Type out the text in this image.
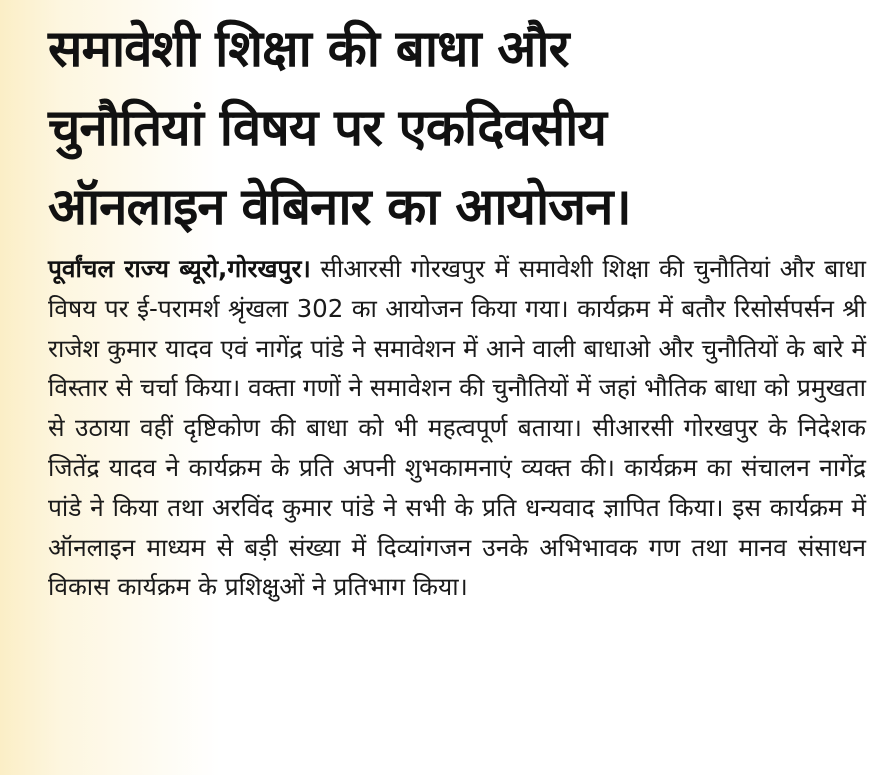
समावेशी शिक्षा की बाधा और
चुनौतियां विषय पर एकदिवसीय
ऑनलाइन वेबिनार का आयोजन।

पूर्वांचल राज्य ब्यूरो,गोरखपुर। सीआरसी गोरखपुर में समावेशी शिक्षा की चुनौतियां और बाधा विषय पर ई-परामर्श श्रृंखला 302 का आयोजन किया गया। कार्यक्रम में बतौर रिसोर्सपर्सन श्री राजेश कुमार यादव एवं नागेंद्र पांडे ने समावेशन में आने वाली बाधाओ और चुनौतियों के बारे में विस्तार से चर्चा किया। वक्ता गणों ने समावेशन की चुनौतियों में जहां भौतिक बाधा को प्रमुखता से उठाया वहीं दृष्टिकोण की बाधा को भी महत्वपूर्ण बताया। सीआरसी गोरखपुर के निदेशक जितेंद्र यादव ने कार्यक्रम के प्रति अपनी शुभकामनाएं व्यक्त की। कार्यक्रम का संचालन नागेंद्र पांडे ने किया तथा अरविंद कुमार पांडे ने सभी के प्रति धन्यवाद ज्ञापित किया। इस कार्यक्रम में ऑनलाइन माध्यम से बड़ी संख्या में दिव्यांगजन उनके अभिभावक गण तथा मानव संसाधन विकास कार्यक्रम के प्रशिक्षुओं ने प्रतिभाग किया।
